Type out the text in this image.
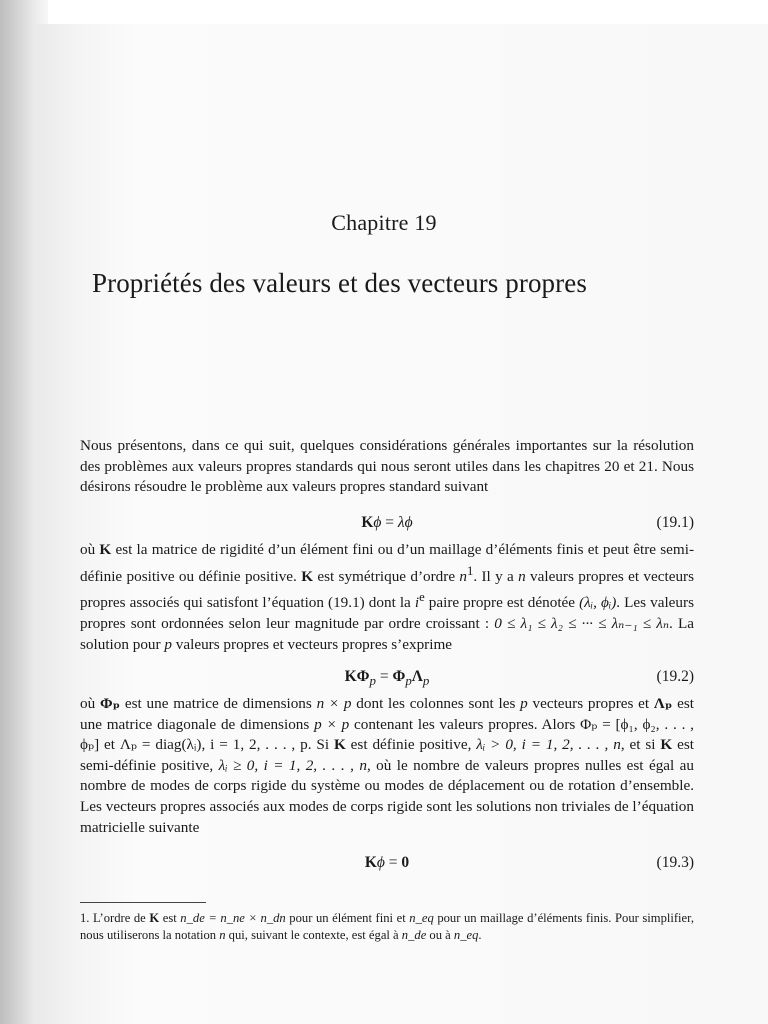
Chapitre 19
Propriétés des valeurs et des vecteurs propres
Nous présentons, dans ce qui suit, quelques considérations générales importantes sur la résolution des problèmes aux valeurs propres standards qui nous seront utiles dans les chapitres 20 et 21. Nous désirons résoudre le problème aux valeurs propres standard suivant
Kϕ = λϕ	(19.1)
où K est la matrice de rigidité d’un élément fini ou d’un maillage d’éléments finis et peut être semi-définie positive ou définie positive. K est symétrique d’ordre $n^1$. Il y a n valeurs propres et vecteurs propres associés qui satisfont l’équation (19.1) dont la $i^e$ paire propre est dénotée (λᵢ, ϕᵢ). Les valeurs propres sont ordonnées selon leur magnitude par ordre croissant : 0 ≤ λ₁ ≤ λ₂ ≤ ··· ≤ λₙ₋₁ ≤ λₙ. La solution pour p valeurs propres et vecteurs propres s’exprime
$K\Phi_p = \Phi_p\Lambda_p$	(19.2)
où Φₚ est une matrice de dimensions n × p dont les colonnes sont les p vecteurs propres et Λₚ est une matrice diagonale de dimensions p × p contenant les valeurs propres. Alors Φₚ = [ϕ₁, ϕ₂, . . . , ϕₚ] et Λₚ = diag(λᵢ), i = 1, 2, . . . , p. Si K est définie positive, λᵢ > 0, i = 1, 2, . . . , n, et si K est semi-définie positive, λᵢ ≥ 0, i = 1, 2, . . . , n, où le nombre de valeurs propres nulles est égal au nombre de modes de corps rigide du système ou modes de déplacement ou de rotation d’ensemble. Les vecteurs propres associés aux modes de corps rigide sont les solutions non triviales de l’équation matricielle suivante
Kϕ = 0	(19.3)
1. L’ordre de K est n_de = n_ne × n_dn pour un élément fini et n_eq pour un maillage d’éléments finis. Pour simplifier, nous utiliserons la notation n qui, suivant le contexte, est égal à n_de ou à n_eq.
